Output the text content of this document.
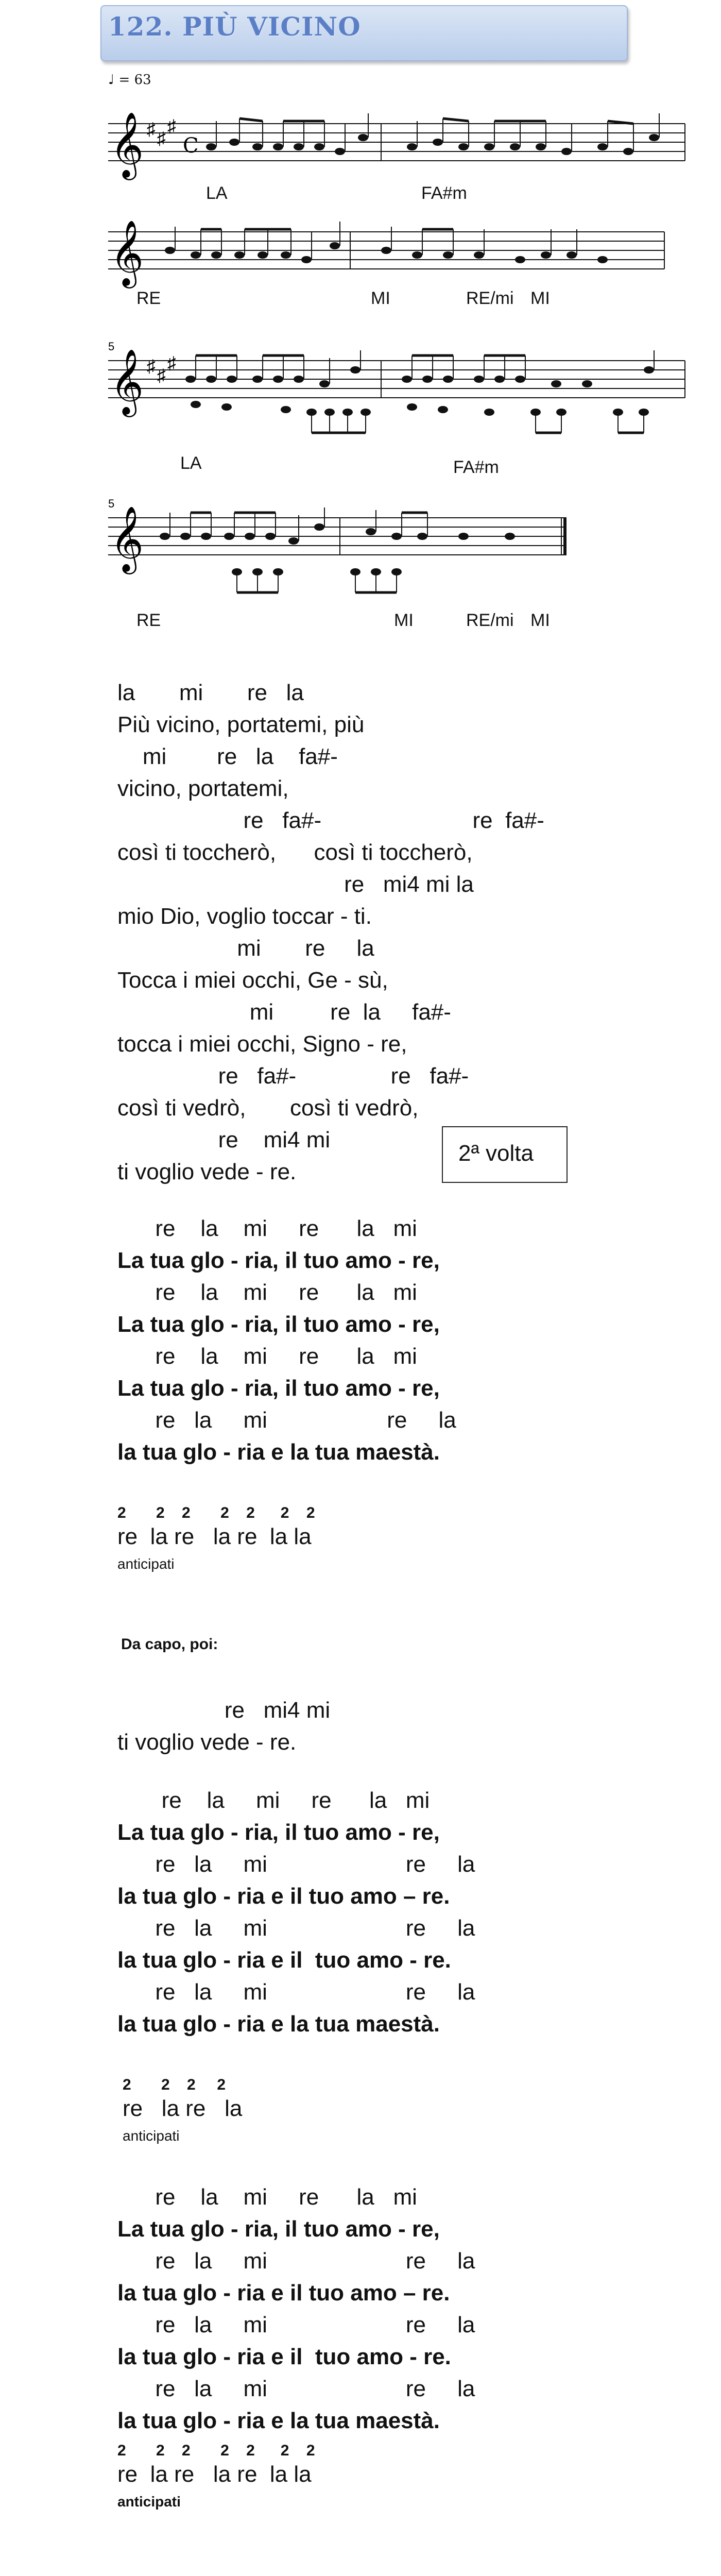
122. PIÙ VICINO
♩ = 63
𝄞 ♯ ♯
♯
C
LA	FA#m
𝄞
RE	MI	RE/mi MI
5
𝄞 ♯ ♯
♯
LA	FA#m
5
𝄞
RE	MI	RE/mi MI
la       mi       re   la
Più vicino, portatemi, più
mi        re   la    fa#-
vicino, portatemi,
re   fa#-                        re  fa#-
così ti toccherò,      così ti toccherò,
re   mi4 mi la
mio Dio, voglio toccar - ti.
mi       re     la
Tocca i miei occhi, Ge - sù,
mi         re  la     fa#-
tocca i miei occhi, Signo - re,
re   fa#-               re   fa#-
così ti vedrò,       così ti vedrò,
re    mi4 mi
ti voglio vede - re.
2ª volta
re    la    mi     re      la   mi
La tua glo - ria, il tuo amo - re,
re    la    mi     re      la   mi
La tua glo - ria, il tuo amo - re,
re    la    mi     re      la   mi
La tua glo - ria, il tuo amo - re,
re   la     mi                   re     la
la tua glo - ria e la tua maestà.
2       2    2       2    2      2    2
re  la re   la re  la la
anticipati
Da capo, poi:
re   mi4 mi
ti voglio vede - re.
re    la     mi     re      la   mi
La tua glo - ria, il tuo amo - re,
re   la     mi                      re     la
la tua glo - ria e il tuo amo – re.
re   la     mi                      re     la
la tua glo - ria e il  tuo amo - re.
re   la     mi                      re     la
la tua glo - ria e la tua maestà.
2       2    2     2
re   la re   la
anticipati
re    la    mi     re      la   mi
La tua glo - ria, il tuo amo - re,
re   la     mi                      re     la
la tua glo - ria e il tuo amo – re.
re   la     mi                      re     la
la tua glo - ria e il  tuo amo - re.
re   la     mi                      re     la
la tua glo - ria e la tua maestà.
2       2    2       2    2      2    2
re  la re   la re  la la
anticipati
